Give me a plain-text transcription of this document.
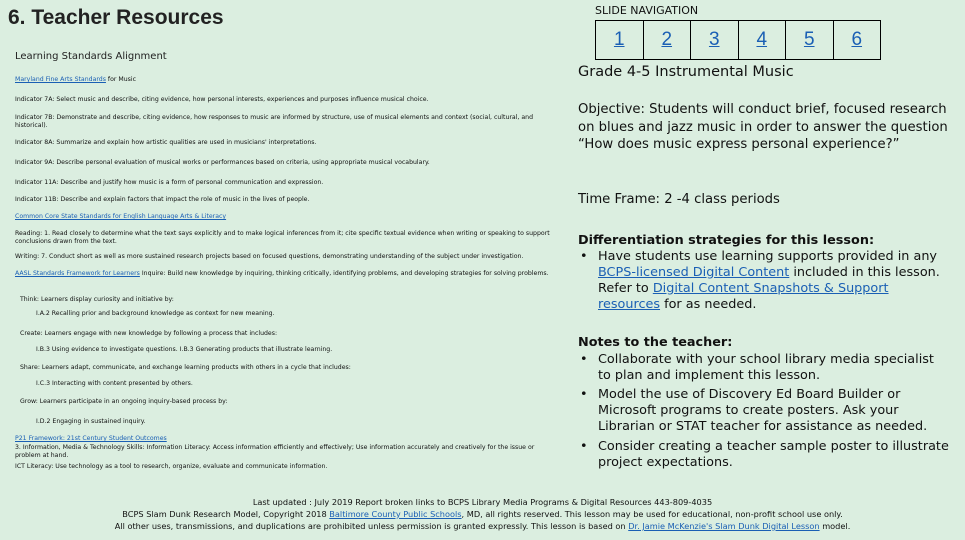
6. Teacher Resources
Learning Standards Alignment
Maryland Fine Arts Standards for Music
Indicator 7A: Select music and describe, citing evidence, how personal interests, experiences and purposes influence musical choice.
Indicator 7B: Demonstrate and describe, citing evidence, how responses to music are informed by structure, use of musical elements and context (social, cultural, and historical).
Indicator 8A: Summarize and explain how artistic qualities are used in musicians' interpretations.
Indicator 9A: Describe personal evaluation of musical works or performances based on criteria, using appropriate musical vocabulary.
Indicator 11A: Describe and justify how music is a form of personal communication and expression.
Indicator 11B: Describe and explain factors that impact the role of music in the lives of people.
Common Core State Standards for English Language Arts & Literacy
Reading: 1. Read closely to determine what the text says explicitly and to make logical inferences from it; cite specific textual evidence when writing or speaking to support conclusions drawn from the text.
Writing: 7. Conduct short as well as more sustained research projects based on focused questions, demonstrating understanding of the subject under investigation.
AASL Standards Framework for Learners Inquire: Build new knowledge by inquiring, thinking critically, identifying problems, and developing strategies for solving problems.
Think: Learners display curiosity and initiative by:
I.A.2 Recalling prior and background knowledge as context for new meaning.
Create: Learners engage with new knowledge by following a process that includes:
I.B.3 Using evidence to investigate questions. I.B.3 Generating products that illustrate learning.
Share: Learners adapt, communicate, and exchange learning products with others in a cycle that includes:
I.C.3 Interacting with content presented by others.
Grow: Learners participate in an ongoing inquiry-based process by:
I.D.2 Engaging in sustained inquiry.
P21 Framework: 21st Century Student Outcomes
3. Information, Media & Technology Skills: Information Literacy: Access information efficiently and effectively; Use information accurately and creatively for the issue or problem at hand.
ICT Literacy: Use technology as a tool to research, organize, evaluate and communicate information.
SLIDE NAVIGATION
1	2	3	4	5	6
Grade 4-5 Instrumental Music
Objective: Students will conduct brief, focused research on blues and jazz music in order to answer the question “How does music express personal experience?”
Time Frame: 2 -4 class periods
Differentiation strategies for this lesson:
• Have students use learning supports provided in any BCPS-licensed Digital Content included in this lesson. Refer to Digital Content Snapshots & Support resources for as needed.
Notes to the teacher:
• Collaborate with your school library media specialist to plan and implement this lesson.
• Model the use of Discovery Ed Board Builder or Microsoft programs to create posters. Ask your Librarian or STAT teacher for assistance as needed.
• Consider creating a teacher sample poster to illustrate project expectations.
Last updated : July 2019 Report broken links to BCPS Library Media Programs & Digital Resources 443-809-4035
BCPS Slam Dunk Research Model, Copyright 2018 Baltimore County Public Schools, MD, all rights reserved. This lesson may be used for educational, non-profit school use only.
All other uses, transmissions, and duplications are prohibited unless permission is granted expressly. This lesson is based on Dr. Jamie McKenzie's Slam Dunk Digital Lesson model.
